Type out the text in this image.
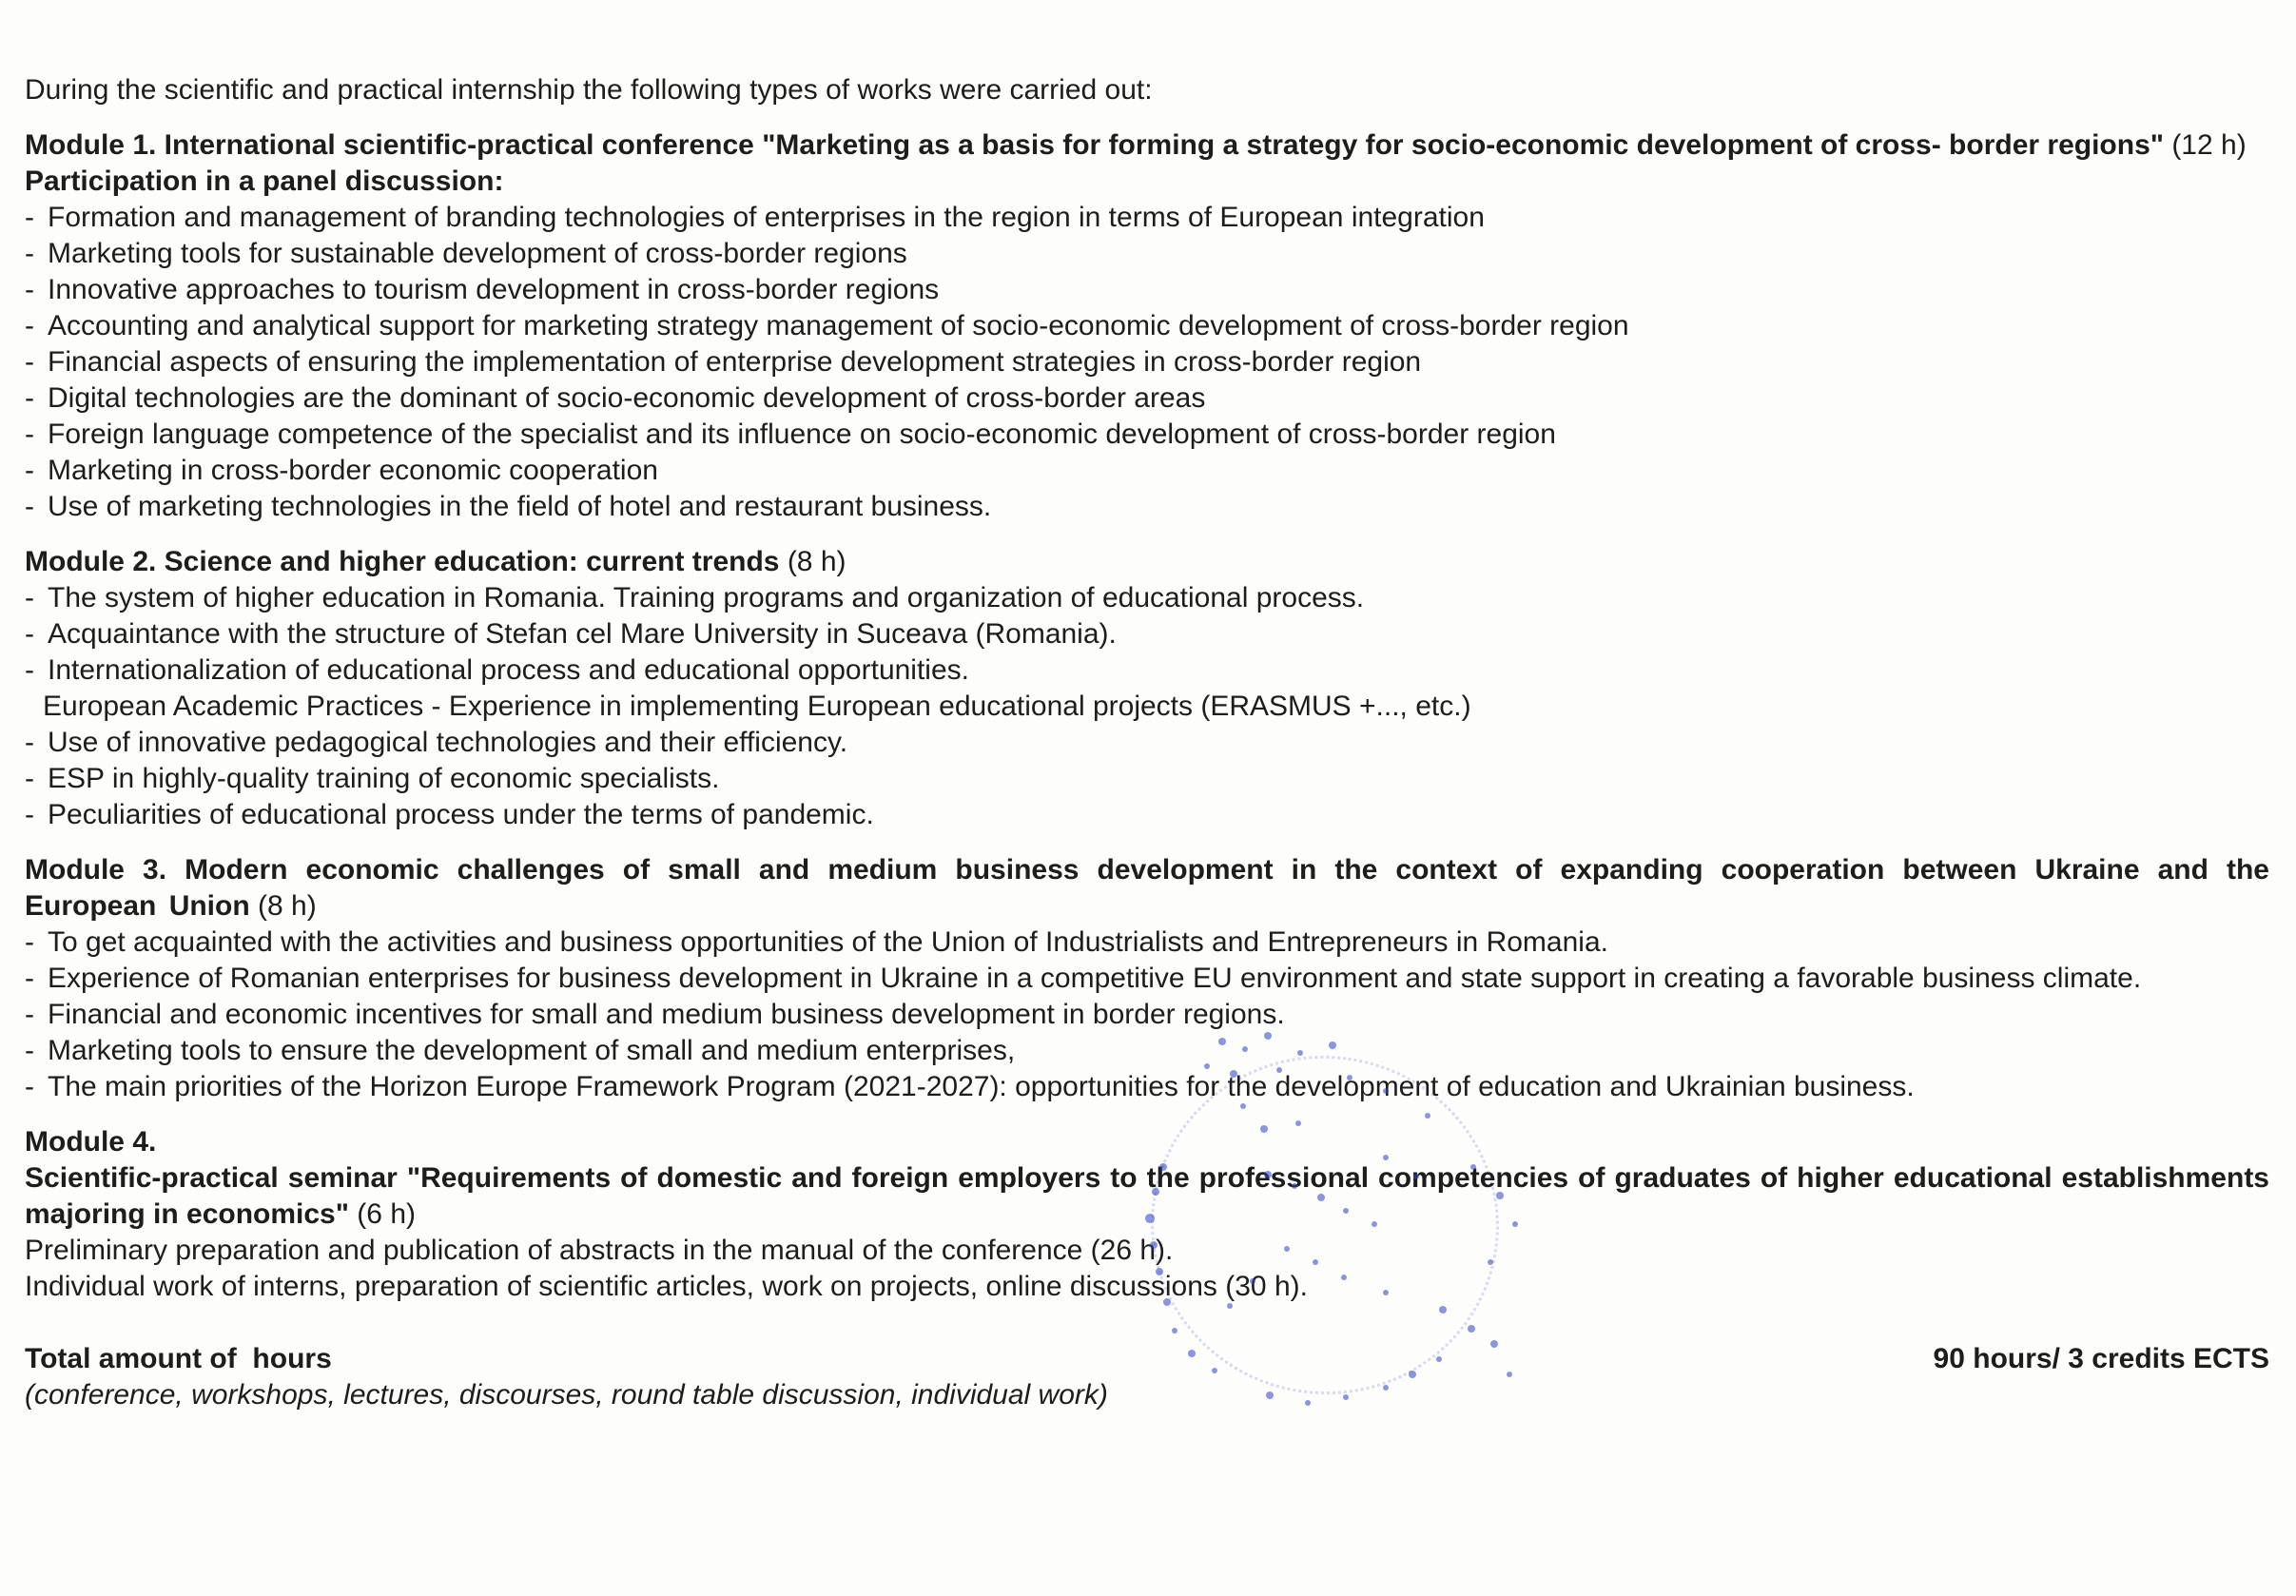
During the scientific and practical internship the following types of works were carried out:

Module 1. International scientific-practical conference "Marketing as a basis for forming a strategy for socio-economic development of cross- border regions" (12 h)

Participation in a panel discussion:

- Formation and management of branding technologies of enterprises in the region in terms of European integration

- Marketing tools for sustainable development of cross-border regions

- Innovative approaches to tourism development in cross-border regions

- Accounting and analytical support for marketing strategy management of socio-economic development of cross-border region

- Financial aspects of ensuring the implementation of enterprise development strategies in cross-border region

- Digital technologies are the dominant of socio-economic development of cross-border areas

- Foreign language competence of the specialist and its influence on socio-economic development of cross-border region

- Marketing in cross-border economic cooperation

- Use of marketing technologies in the field of hotel and restaurant business.

Module 2. Science and higher education: current trends (8 h)

- The system of higher education in Romania. Training programs and organization of educational process.

- Acquaintance with the structure of Stefan cel Mare University in Suceava (Romania).

- Internationalization of educational process and educational opportunities.

European Academic Practices - Experience in implementing European educational projects (ERASMUS +..., etc.)

- Use of innovative pedagogical technologies and their efficiency.

- ESP in highly-quality training of economic specialists.

- Peculiarities of educational process under the terms of pandemic.

Module 3. Modern economic challenges of small and medium business development in the context of expanding cooperation between Ukraine and the European Union (8 h)

- To get acquainted with the activities and business opportunities of the Union of Industrialists and Entrepreneurs in Romania.

- Experience of Romanian enterprises for business development in Ukraine in a competitive EU environment and state support in creating a favorable business climate.

- Financial and economic incentives for small and medium business development in border regions.

- Marketing tools to ensure the development of small and medium enterprises,

- The main priorities of the Horizon Europe Framework Program (2021-2027): opportunities for the development of education and Ukrainian business.

Module 4.

Scientific-practical seminar "Requirements of domestic and foreign employers to the professional competencies of graduates of higher educational establishments majoring in economics" (6 h)

Preliminary preparation and publication of abstracts in the manual of the conference (26 h).

Individual work of interns, preparation of scientific articles, work on projects, online discussions (30 h).

Total amount of  hours

(conference, workshops, lectures, discourses, round table discussion, individual work)

90 hours/ 3 credits ECTS
